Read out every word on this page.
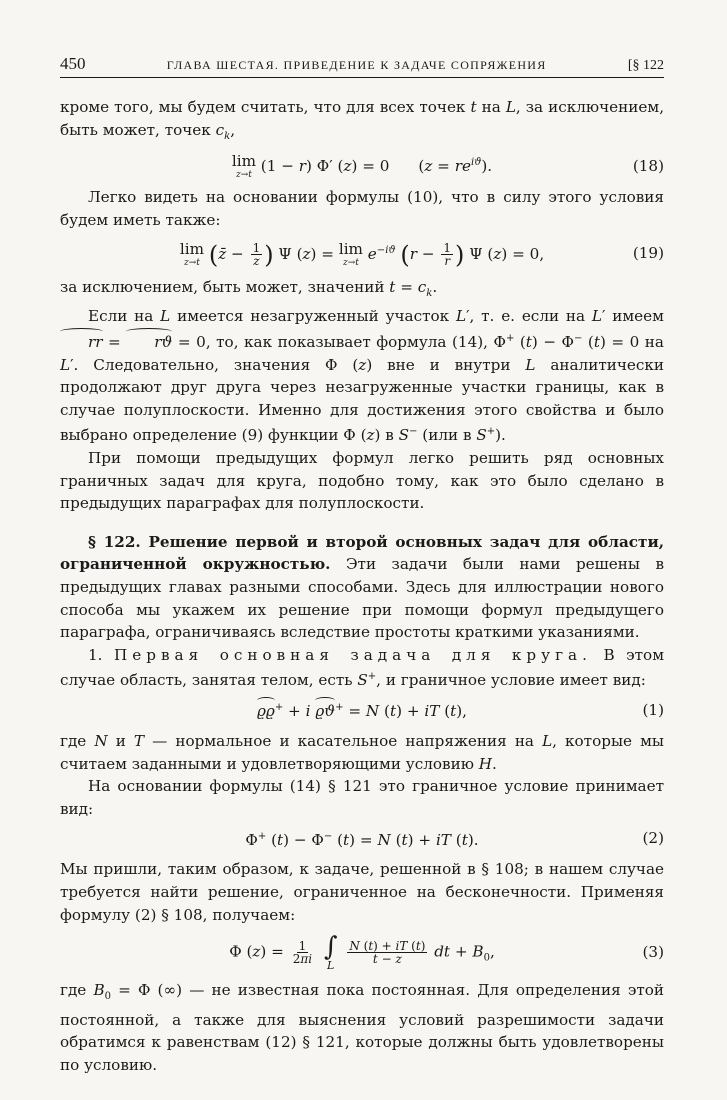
450	ГЛАВА ШЕСТАЯ. ПРИВЕДЕНИЕ К ЗАДАЧЕ СОПРЯЖЕНИЯ	[§ 122

кроме того, мы будем считать, что для всех точек t на L, за исключением, быть может, точек $c_k$,

lim
z→t
(1 − r) Φ′ (z) = 0      $(z = re^{iϑ})$.	(18)

Легко видеть на основании формулы (10), что в силу этого условия будем иметь также:

lim
z→t (z̄ − $\frac{1}{z}$ ) Ψ (z) = lim
z→t
$e^{-iϑ}$ ($r - \frac{1}{r}$ ) Ψ (z) = 0,	(19)

за исключением, быть может, значений $t = c_k$.

Если на L имеется незагруженный участок L′, т. е. если на L′ имеем rr = rϑ = 0, то, как показывает формула (14), Φ+ (t) − Φ− (t) = 0 на L′. Следовательно, значения Φ (z) вне и внутри L аналитически продолжают друг друга через незагруженные участки границы, как в случае полуплоскости. Именно для достижения этого свойства и было выбрано определение (9) функции Φ (z) в S− (или в S+).

При помощи предыдущих формул легко решить ряд основных граничных задач для круга, подобно тому, как это было сделано в предыдущих параграфах для полуплоскости.

§ 122. Решение первой и второй основных задач для области, ограниченной окружностью. Эти задачи были нами решены в предыдущих главах разными способами. Здесь для иллюстрации нового способа мы укажем их решение при помощи формул предыдущего параграфа, ограничиваясь вследствие простоты краткими указаниями.

1. Первая основная задача для круга. В этом случае область, занятая телом, есть S+, и граничное условие имеет вид:

ϱϱ+ + i ϱϑ+ = N (t) + iT (t),	(1)

где N и T — нормальное и касательное напряжения на L, которые мы считаем заданными и удовлетворяющими условию H.

На основании формулы (14) § 121 это граничное условие принимает вид:

Φ+ (t) − Φ− (t) = N (t) + iT (t).	(2)

Мы пришли, таким образом, к задаче, решенной в § 108; в нашем случае требуется найти решение, ограниченное на бесконечности. Применяя формулу (2) § 108, получаем:

Φ $(z) = \frac{1}{2\pi i}$
∫
L
$\frac{N (t) + iT (t)}{t - z}$ dt + $B_0$,	(3)

где $B_0 = \Phi$ (∞) — не известная пока постоянная. Для определения этой постоянной, а также для выяснения условий разрешимости задачи обратимся к равенствам (12) § 121, которые должны быть удовлетворены по условию.
